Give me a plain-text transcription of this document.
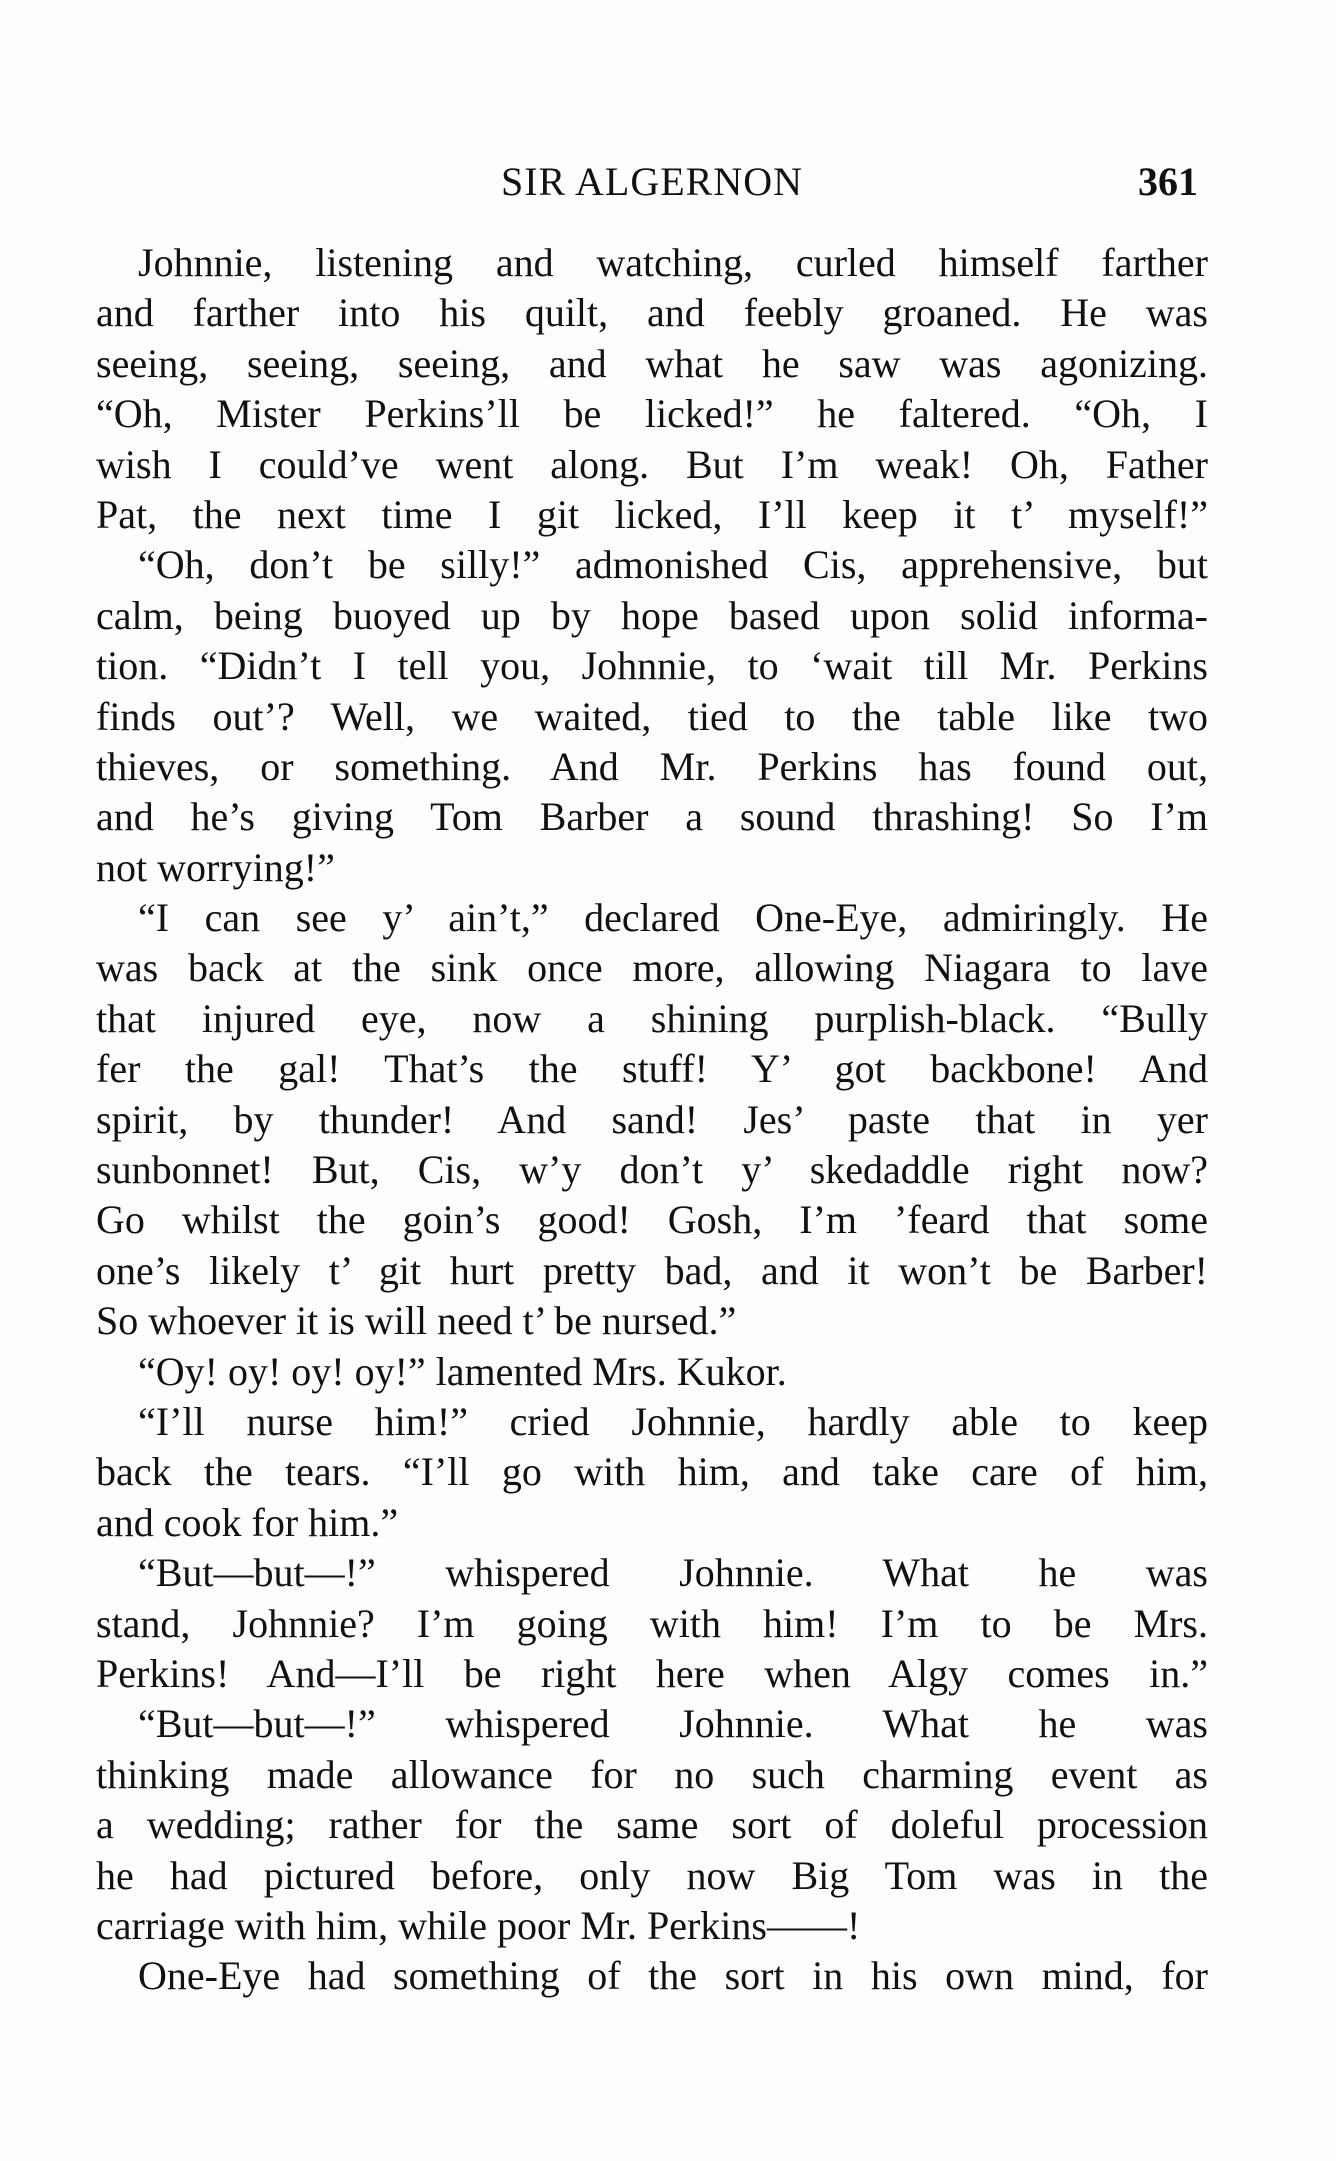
SIR ALGERNON	361
Johnnie, listening and watching, curled himself farther
and farther into his quilt, and feebly groaned. He was
seeing, seeing, seeing, and what he saw was agonizing.
“Oh, Mister Perkins’ll be licked!” he faltered. “Oh, I
wish I could’ve went along. But I’m weak! Oh, Father
Pat, the next time I git licked, I’ll keep it t’ myself!”
“Oh, don’t be silly!” admonished Cis, apprehensive, but
calm, being buoyed up by hope based upon solid informa-
tion. “Didn’t I tell you, Johnnie, to ‘wait till Mr. Perkins
finds out’? Well, we waited, tied to the table like two
thieves, or something. And Mr. Perkins has found out,
and he’s giving Tom Barber a sound thrashing! So I’m
not worrying!”
“I can see y’ ain’t,” declared One-Eye, admiringly. He
was back at the sink once more, allowing Niagara to lave
that injured eye, now a shining purplish-black. “Bully
fer the gal! That’s the stuff! Y’ got backbone! And
spirit, by thunder! And sand! Jes’ paste that in yer
sunbonnet! But, Cis, w’y don’t y’ skedaddle right now?
Go whilst the goin’s good! Gosh, I’m ’feard that some
one’s likely t’ git hurt pretty bad, and it won’t be Barber!
So whoever it is will need t’ be nursed.”
“Oy! oy! oy! oy!” lamented Mrs. Kukor.
“I’ll nurse him!” cried Johnnie, hardly able to keep
back the tears. “I’ll go with him, and take care of him,
and cook for him.”
“But—but—!” whispered Johnnie. What he was
stand, Johnnie? I’m going with him! I’m to be Mrs.
Perkins! And—I’ll be right here when Algy comes in.”
“But—but—!” whispered Johnnie. What he was
thinking made allowance for no such charming event as
a wedding; rather for the same sort of doleful procession
he had pictured before, only now Big Tom was in the
carriage with him, while poor Mr. Perkins——!
One-Eye had something of the sort in his own mind, for
